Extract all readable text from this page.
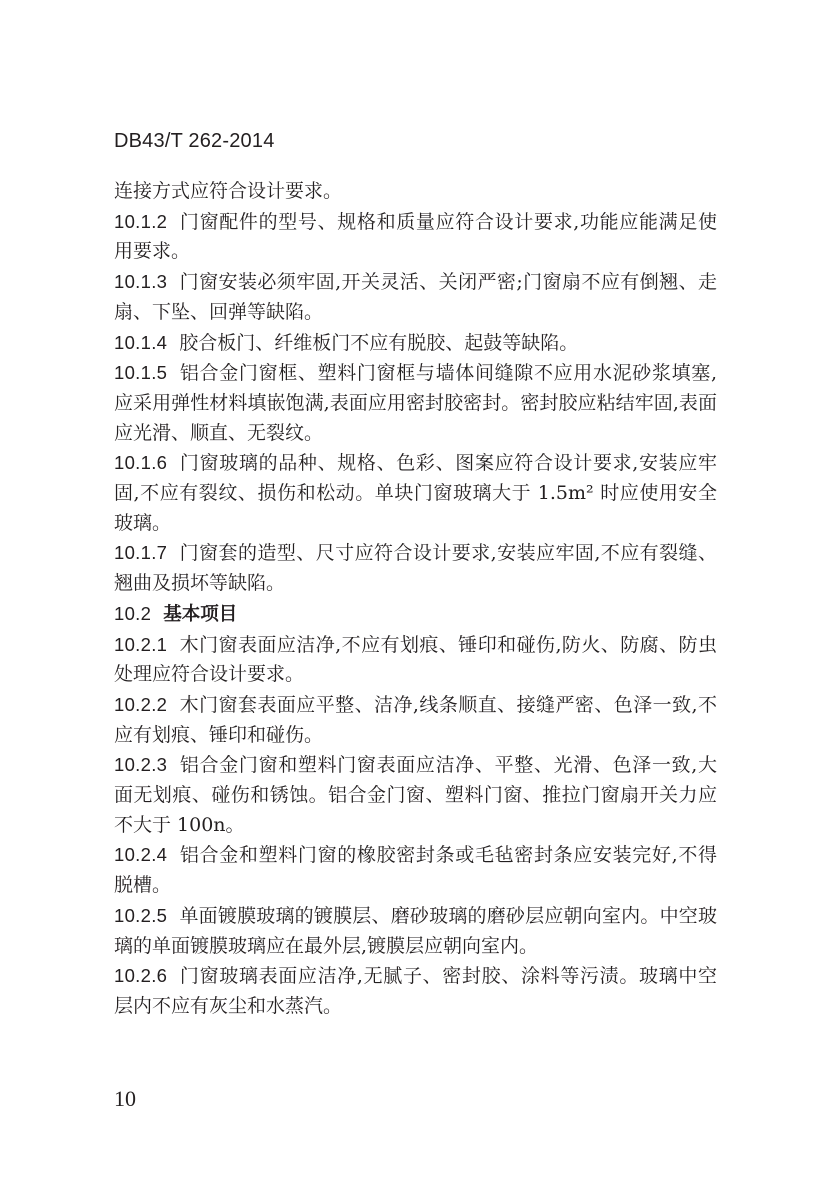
DB43/T 262-2014

连接方式应符合设计要求。

10.1.2 门窗配件的型号、规格和质量应符合设计要求,功能应能满足使用要求。

10.1.3 门窗安装必须牢固,开关灵活、关闭严密;门窗扇不应有倒翘、走扇、下坠、回弹等缺陷。

10.1.4 胶合板门、纤维板门不应有脱胶、起鼓等缺陷。

10.1.5 铝合金门窗框、塑料门窗框与墙体间缝隙不应用水泥砂浆填塞,应采用弹性材料填嵌饱满,表面应用密封胶密封。密封胶应粘结牢固,表面应光滑、顺直、无裂纹。

10.1.6 门窗玻璃的品种、规格、色彩、图案应符合设计要求,安装应牢固,不应有裂纹、损伤和松动。单块门窗玻璃大于 1.5m² 时应使用安全玻璃。

10.1.7 门窗套的造型、尺寸应符合设计要求,安装应牢固,不应有裂缝、翘曲及损坏等缺陷。

10.2 基本项目

10.2.1 木门窗表面应洁净,不应有划痕、锤印和碰伤,防火、防腐、防虫处理应符合设计要求。

10.2.2 木门窗套表面应平整、洁净,线条顺直、接缝严密、色泽一致,不应有划痕、锤印和碰伤。

10.2.3 铝合金门窗和塑料门窗表面应洁净、平整、光滑、色泽一致,大面无划痕、碰伤和锈蚀。铝合金门窗、塑料门窗、推拉门窗扇开关力应不大于 100n。

10.2.4 铝合金和塑料门窗的橡胶密封条或毛毡密封条应安装完好,不得脱槽。

10.2.5 单面镀膜玻璃的镀膜层、磨砂玻璃的磨砂层应朝向室内。中空玻璃的单面镀膜玻璃应在最外层,镀膜层应朝向室内。

10.2.6 门窗玻璃表面应洁净,无腻子、密封胶、涂料等污渍。玻璃中空层内不应有灰尘和水蒸汽。

10
